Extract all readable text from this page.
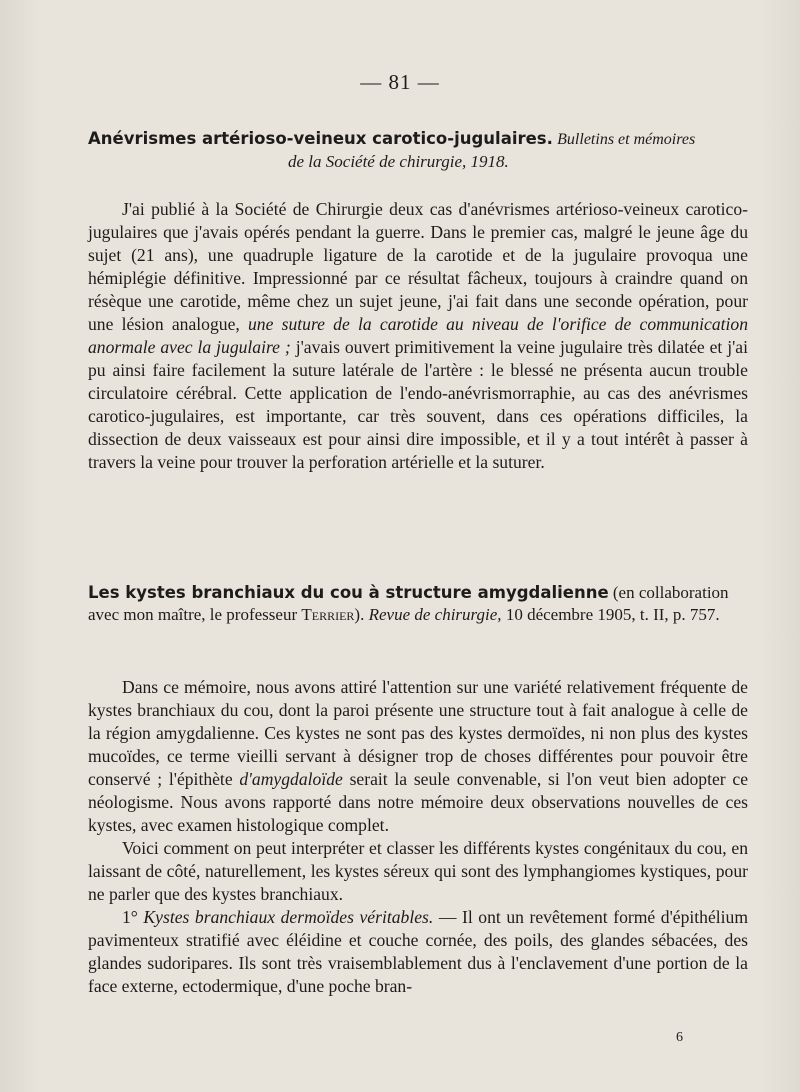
— 81 —
Anévrismes artérioso-veineux carotico-jugulaires. Bulletins et mémoires
de la Société de chirurgie, 1918.

J'ai publié à la Société de Chirurgie deux cas d'anévrismes artérioso-veineux carotico-jugulaires que j'avais opérés pendant la guerre. Dans le premier cas, malgré le jeune âge du sujet (21 ans), une quadruple ligature de la carotide et de la jugulaire provoqua une hémiplégie définitive. Impressionné par ce résultat fâcheux, toujours à craindre quand on résèque une carotide, même chez un sujet jeune, j'ai fait dans une seconde opération, pour une lésion analogue, une suture de la carotide au niveau de l'orifice de communication anormale avec la jugulaire ; j'avais ouvert primitivement la veine jugulaire très dilatée et j'ai pu ainsi faire facilement la suture latérale de l'artère : le blessé ne présenta aucun trouble circulatoire cérébral. Cette application de l'endo-anévrismorraphie, au cas des anévrismes carotico-jugulaires, est importante, car très souvent, dans ces opérations difficiles, la dissection de deux vaisseaux est pour ainsi dire impossible, et il y a tout intérêt à passer à travers la veine pour trouver la perforation artérielle et la suturer.

Les kystes branchiaux du cou à structure amygdalienne (en collaboration avec mon maître, le professeur Terrier). Revue de chirurgie, 10 décembre 1905, t. II, p. 757.

Dans ce mémoire, nous avons attiré l'attention sur une variété relativement fréquente de kystes branchiaux du cou, dont la paroi présente une structure tout à fait analogue à celle de la région amygdalienne. Ces kystes ne sont pas des kystes dermoïdes, ni non plus des kystes mucoïdes, ce terme vieilli servant à désigner trop de choses différentes pour pouvoir être conservé ; l'épithète d'amygdaloïde serait la seule convenable, si l'on veut bien adopter ce néologisme. Nous avons rapporté dans notre mémoire deux observations nouvelles de ces kystes, avec examen histologique complet.

Voici comment on peut interpréter et classer les différents kystes congénitaux du cou, en laissant de côté, naturellement, les kystes séreux qui sont des lymphangiomes kystiques, pour ne parler que des kystes branchiaux.

1° Kystes branchiaux dermoïdes véritables. — Il ont un revêtement formé d'épithélium pavimenteux stratifié avec éléidine et couche cornée, des poils, des glandes sébacées, des glandes sudoripares. Ils sont très vraisemblablement dus à l'enclavement d'une portion de la face externe, ectodermique, d'une poche bran-

6
